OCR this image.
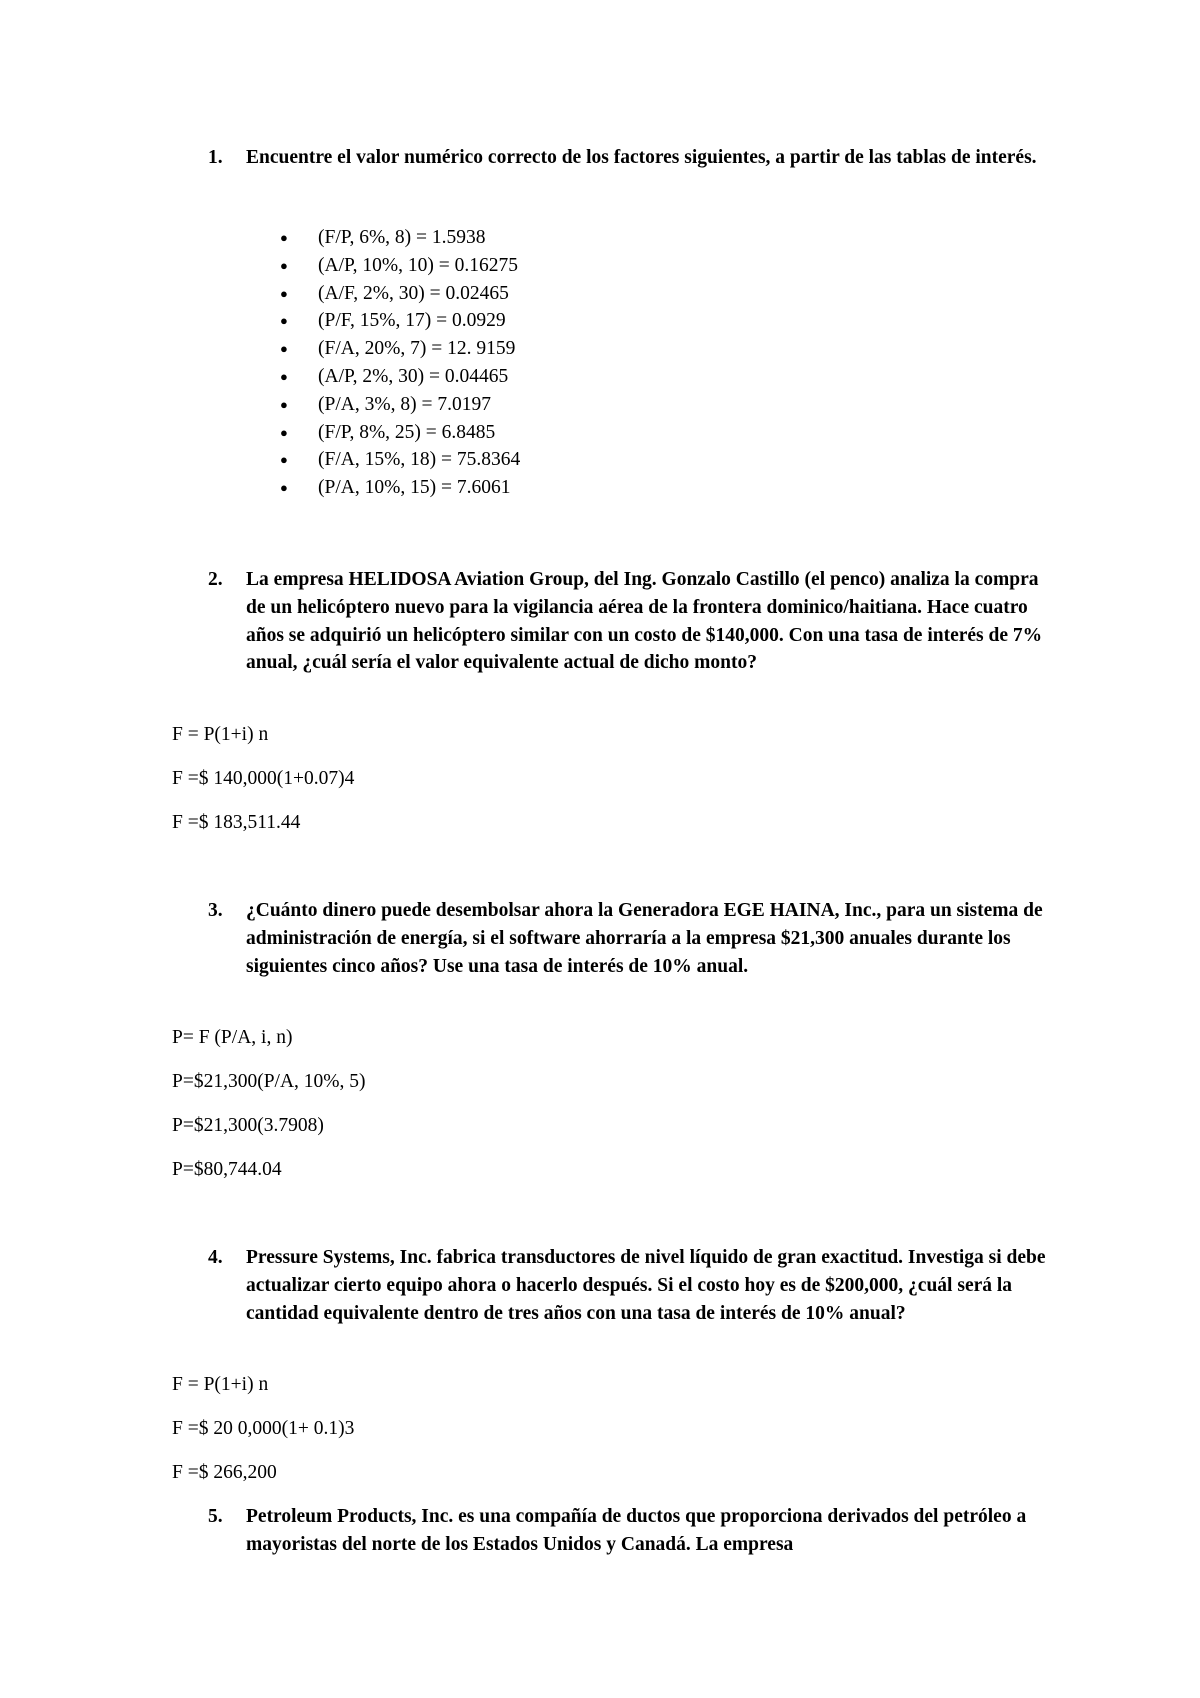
1.	Encuentre el valor numérico correcto de los factores siguientes, a partir de las tablas de interés.
● (F/P, 6%, 8) = 1.5938
● (A/P, 10%, 10) = 0.16275
● (A/F, 2%, 30) = 0.02465
● (P/F, 15%, 17) = 0.0929
● (F/A, 20%, 7) = 12. 9159
● (A/P, 2%, 30) = 0.04465
● (P/A, 3%, 8) = 7.0197
● (F/P, 8%, 25) = 6.8485
● (F/A, 15%, 18) = 75.8364
● (P/A, 10%, 15) = 7.6061
2.	La empresa HELIDOSA Aviation Group, del Ing. Gonzalo Castillo (el penco) analiza la compra de un helicóptero nuevo para la vigilancia aérea de la frontera dominico/haitiana. Hace cuatro años se adquirió un helicóptero similar con un costo de $140,000. Con una tasa de interés de 7% anual, ¿cuál sería el valor equivalente actual de dicho monto?
F = P(1+i) n
F =$ 140,000(1+0.07)4
F =$ 183,511.44
3.	¿Cuánto dinero puede desembolsar ahora la Generadora EGE HAINA, Inc., para un sistema de administración de energía, si el software ahorraría a la empresa $21,300 anuales durante los siguientes cinco años? Use una tasa de interés de 10% anual.
P= F (P/A, i, n)
P=$21,300(P/A, 10%, 5)
P=$21,300(3.7908)
P=$80,744.04
4.	Pressure Systems, Inc. fabrica transductores de nivel líquido de gran exactitud. Investiga si debe actualizar cierto equipo ahora o hacerlo después. Si el costo hoy es de $200,000, ¿cuál será la cantidad equivalente dentro de tres años con una tasa de interés de 10% anual?
F = P(1+i) n
F =$ 20 0,000(1+ 0.1)3
F =$ 266,200
5.	Petroleum Products, Inc. es una compañía de ductos que proporciona derivados del petróleo a mayoristas del norte de los Estados Unidos y Canadá. La empresa
